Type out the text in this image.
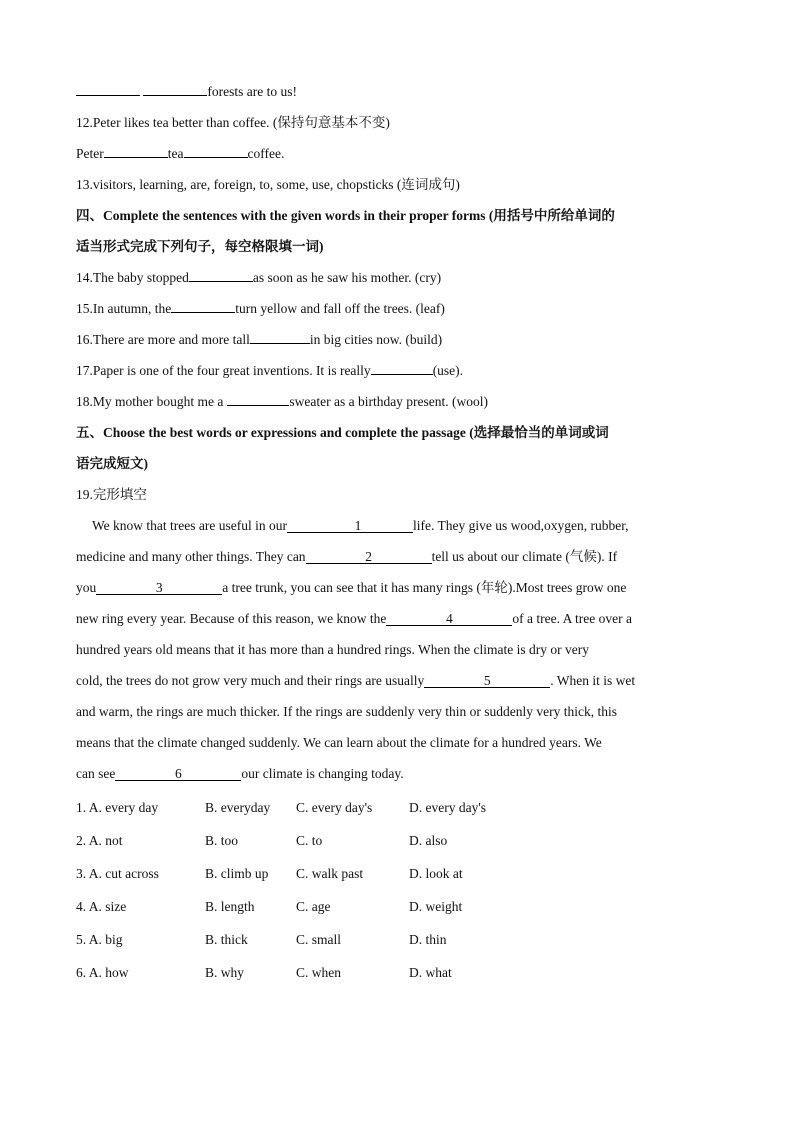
forests are to us!
12.Peter likes tea better than coffee. (保持句意基本不变)
Peter	tea	coffee.
13.visitors, learning, are, foreign, to, some, use, chopsticks (连词成句)
四、Complete the sentences with the given words in their proper forms (用括号中所给单词的
适当形式完成下列句子，每空格限填一词)
14.The baby stopped	as soon as he saw his mother. (cry)
15.In autumn, the	turn yellow and fall off the trees. (leaf)
16.There are more and more tall	in big cities now. (build)
17.Paper is one of the four great inventions. It is really	(use).
18.My mother bought me a	sweater as a birthday present. (wool)
五、Choose the best words or expressions and complete the passage (选择最恰当的单词或词
语完成短文)
19.完形填空
We know that trees are useful in our	1	life. They give us wood,oxygen, rubber,
medicine and many other things. They can	2	tell us about our climate (气候). If
you	3	a tree trunk, you can see that it has many rings (年轮).Most trees grow one
new ring every year. Because of this reason, we know the	4	of a tree. A tree over a
hundred years old means that it has more than a hundred rings. When the climate is dry or very
cold, the trees do not grow very much and their rings are usually	5	. When it is wet
and warm, the rings are much thicker. If the rings are suddenly very thin or suddenly very thick, this
means that the climate changed suddenly. We can learn about the climate for a hundred years. We
can see	6	our climate is changing today.
1. A. every day	B. everyday C. every day's	D. every day's
2. A. not	B. too	C. to	D. also
3. A. cut across	B. climb up C. walk past	D. look at
4. A. size	B. length	C. age	D. weight
5. A. big	B. thick	C. small	D. thin
6. A. how	B. why	C. when	D. what
